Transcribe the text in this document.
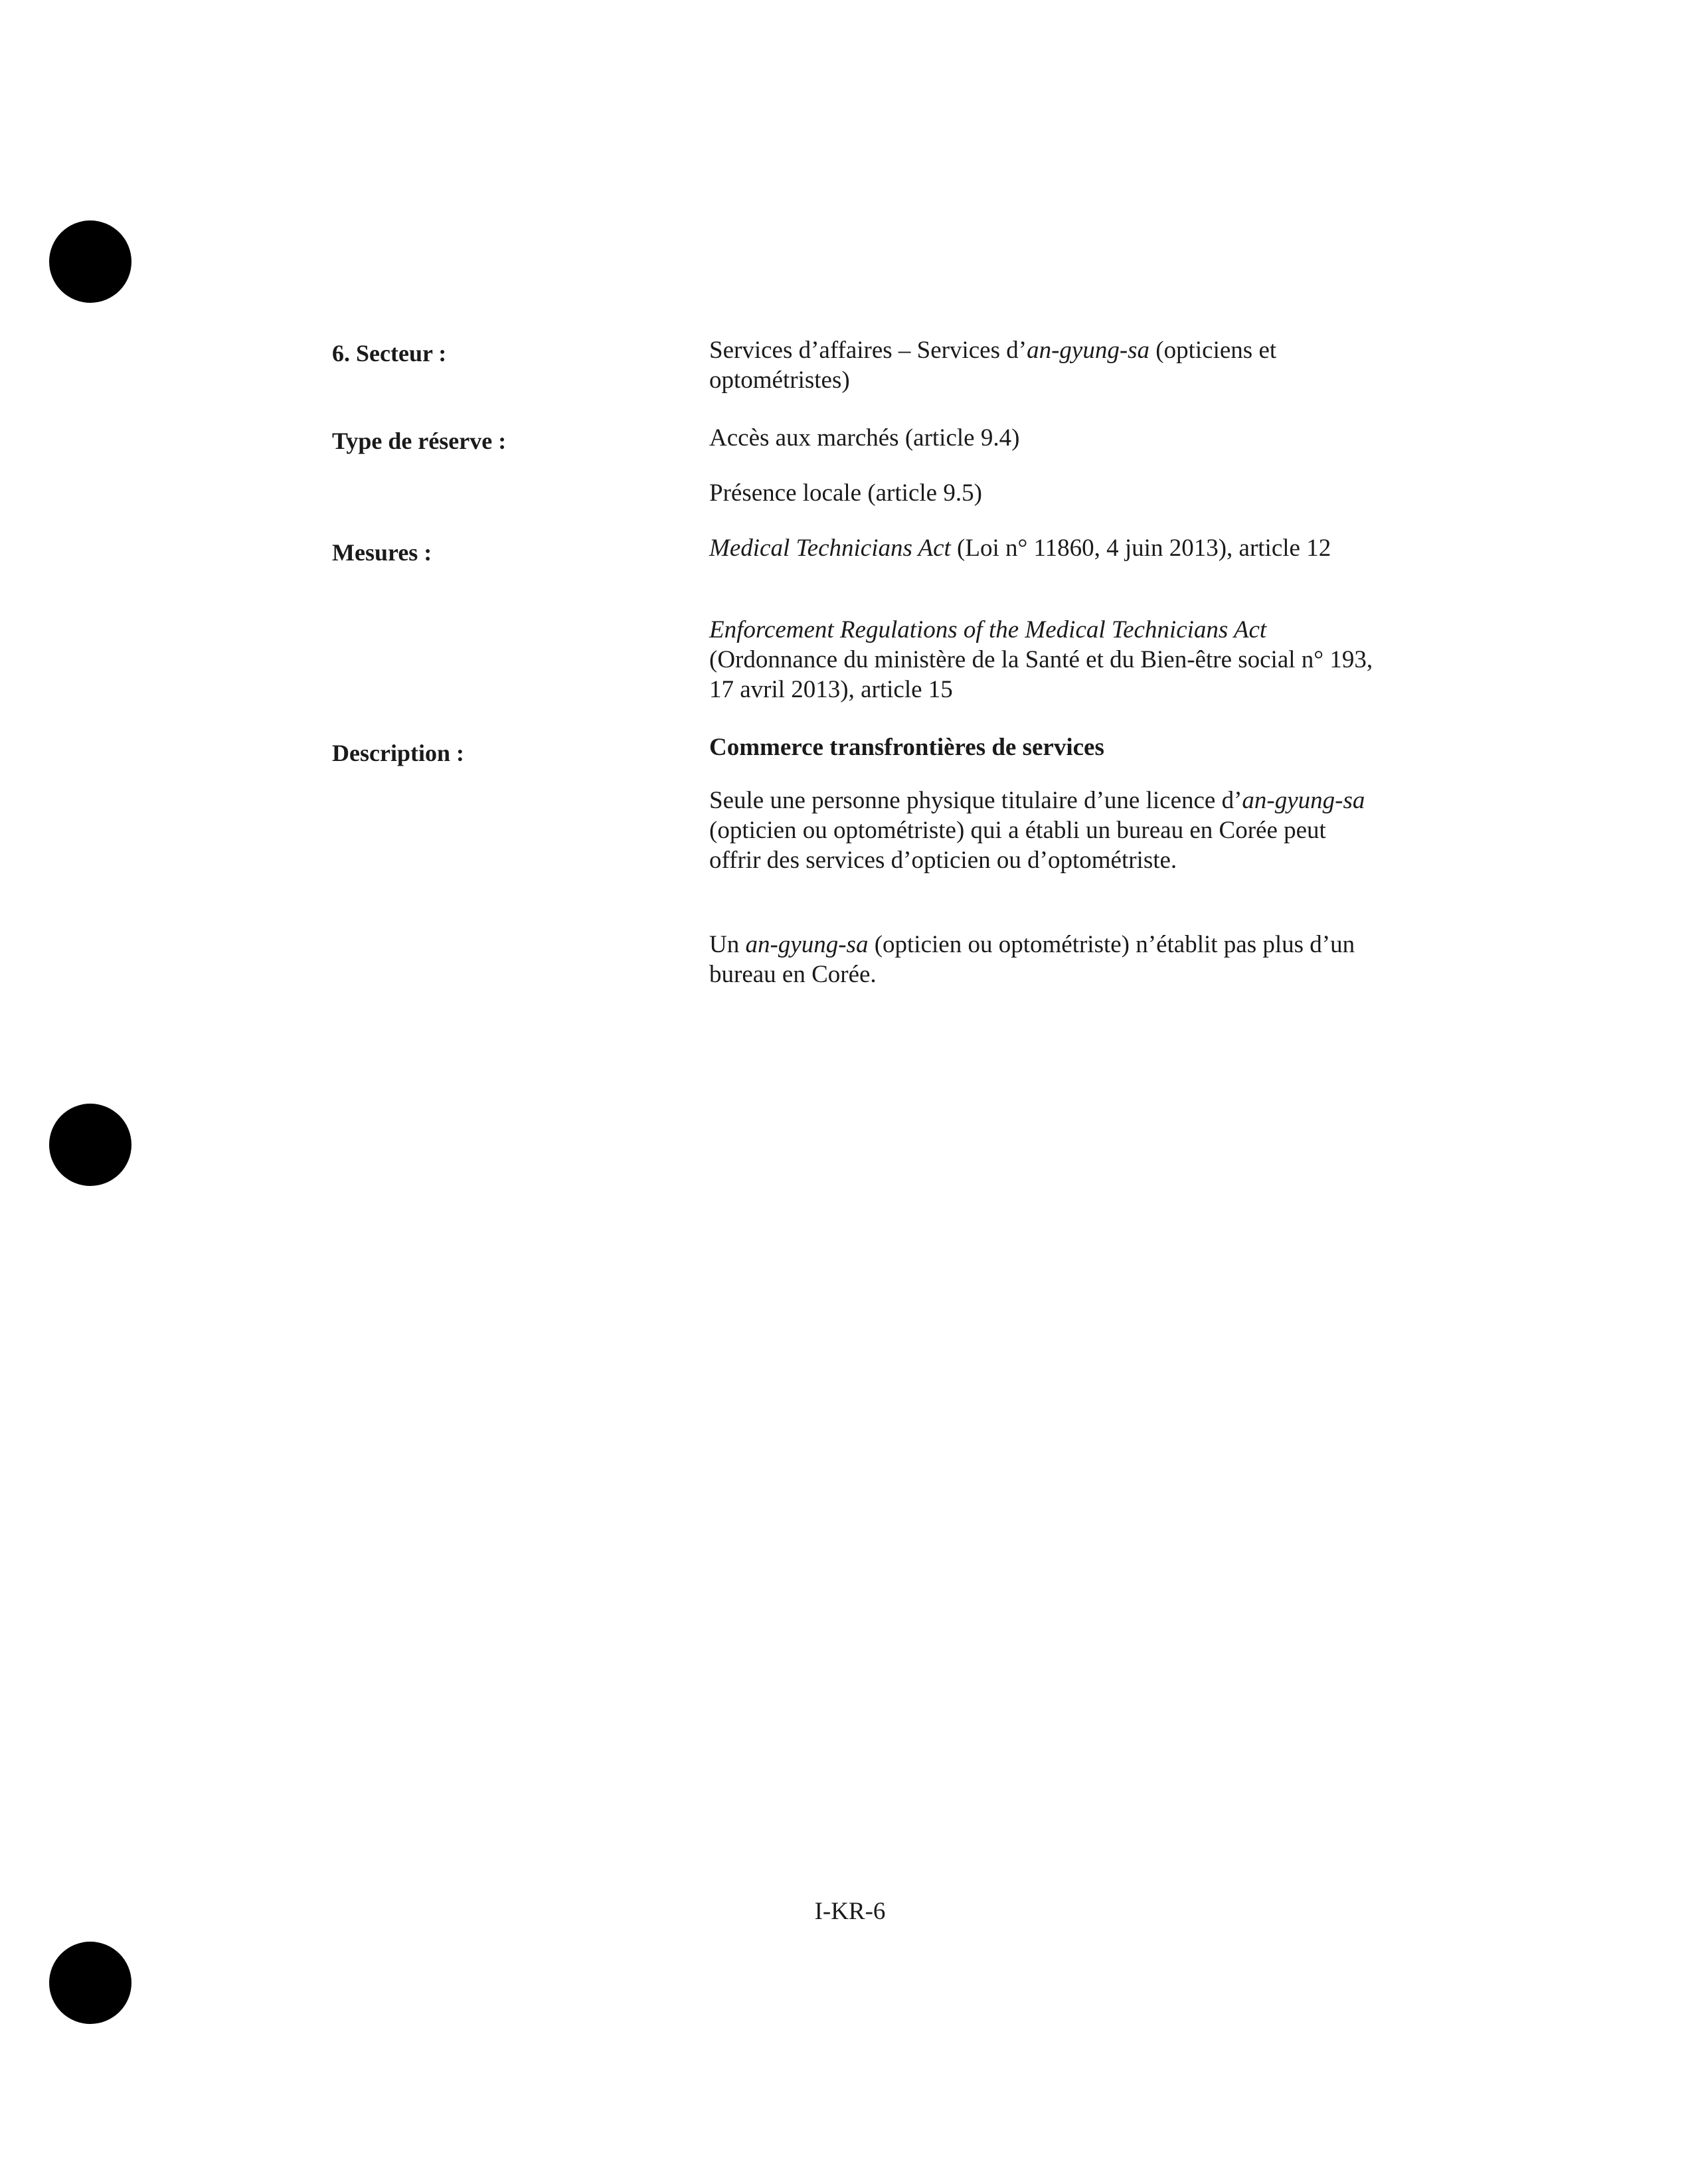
6. Secteur :	Services d’affaires – Services d’an-gyung-sa (opticiens et optométristes)
Type de réserve :	Accès aux marchés (article 9.4)
Présence locale (article 9.5)
Mesures :	Medical Technicians Act (Loi n° 11860, 4 juin 2013), article 12
Enforcement Regulations of the Medical Technicians Act (Ordonnance du ministère de la Santé et du Bien-être social n° 193, 17 avril 2013), article 15
Description :	Commerce transfrontières de services
Seule une personne physique titulaire d’une licence d’an-gyung-sa (opticien ou optométriste) qui a établi un bureau en Corée peut offrir des services d’opticien ou d’optométriste.
Un an-gyung-sa (opticien ou optométriste) n’établit pas plus d’un bureau en Corée.
I-KR-6
